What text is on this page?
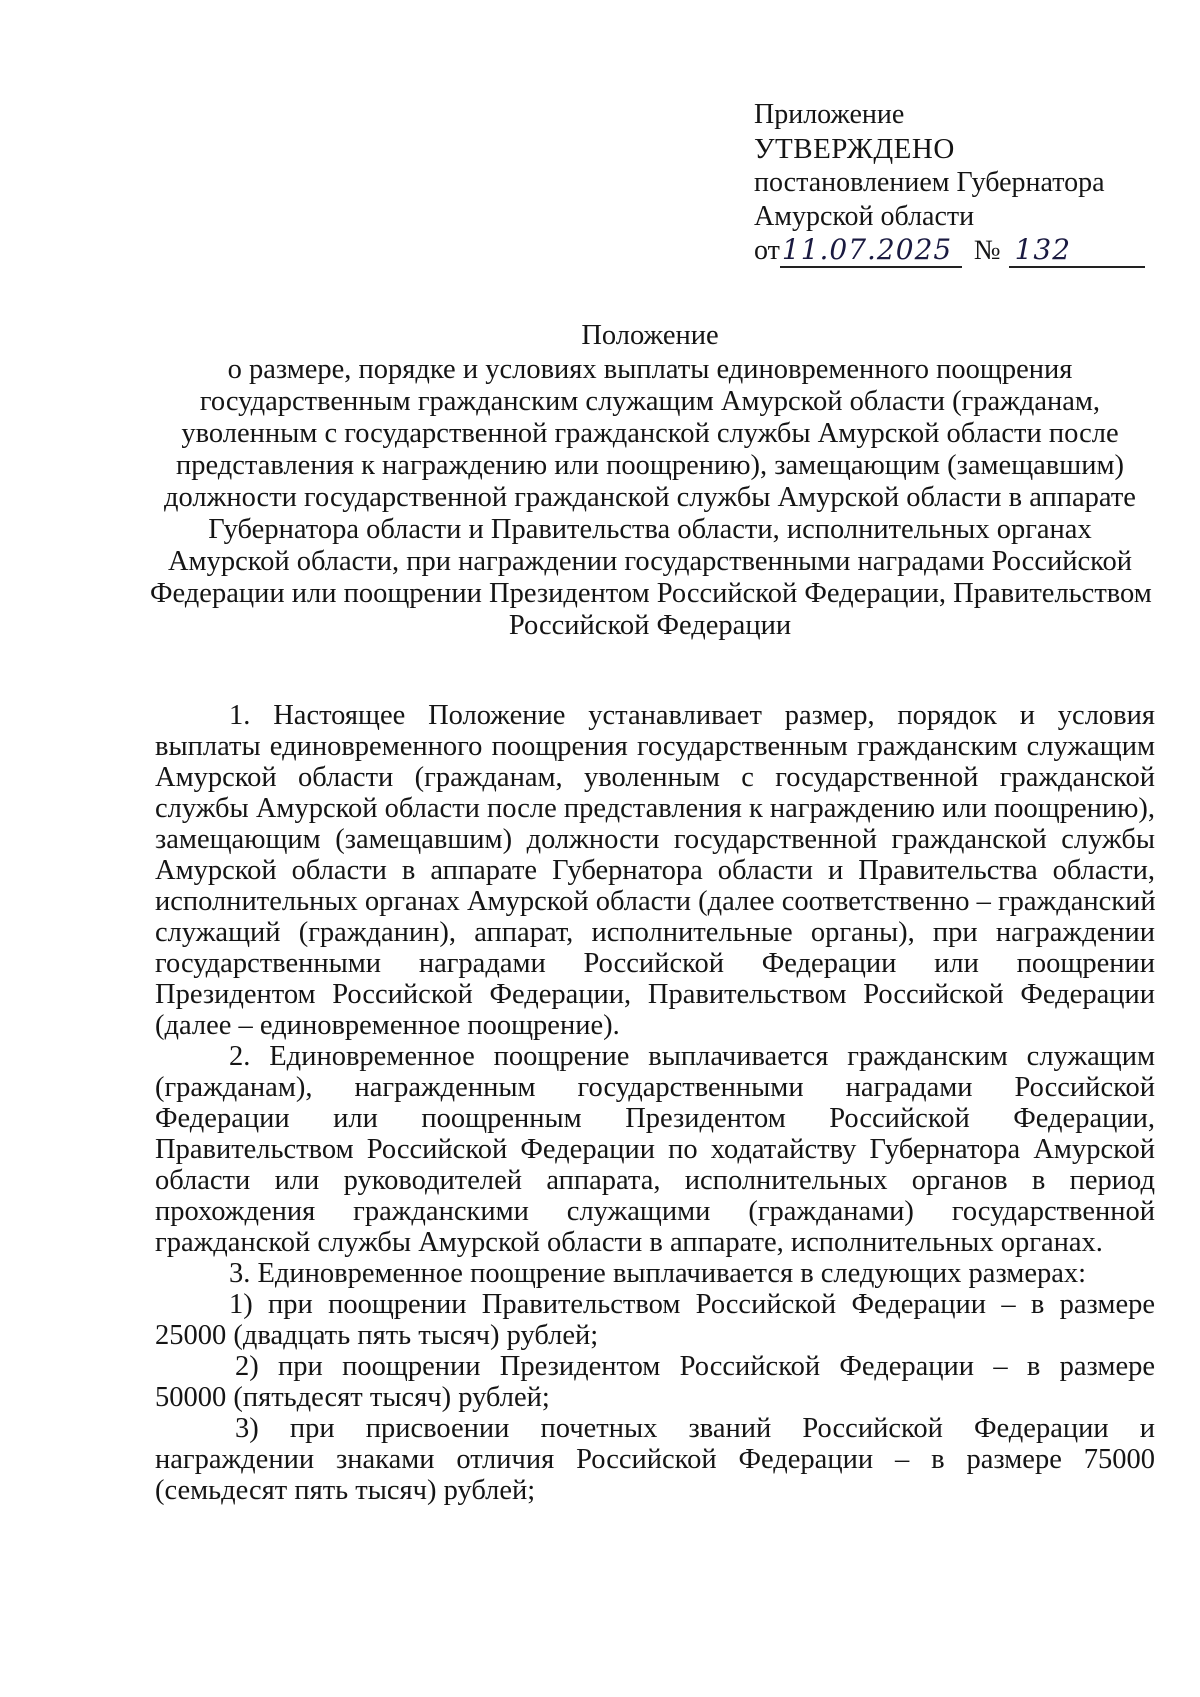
Приложение
УТВЕРЖДЕНО
постановлением Губернатора
Амурской области
от11.07.2025 № 132
Положение
о размере, порядке и условиях выплаты единовременного поощрения
государственным гражданским служащим Амурской области (гражданам,
уволенным с государственной гражданской службы Амурской области после
представления к награждению или поощрению), замещающим (замещавшим)
должности государственной гражданской службы Амурской области в аппарате
Губернатора области и Правительства области, исполнительных органах
Амурской области, при награждении государственными наградами Российской
Федерации или поощрении Президентом Российской Федерации, Правительством
Российской Федерации
1. Настоящее Положение устанавливает размер, порядок и условия
выплаты единовременного поощрения государственным гражданским служащим
Амурской области (гражданам, уволенным с государственной гражданской
службы Амурской области после представления к награждению или поощрению),
замещающим (замещавшим) должности государственной гражданской службы
Амурской области в аппарате Губернатора области и Правительства области,
исполнительных органах Амурской области (далее соответственно – гражданский
служащий (гражданин), аппарат, исполнительные органы), при награждении
государственными наградами Российской Федерации или поощрении
Президентом Российской Федерации, Правительством Российской Федерации
(далее – единовременное поощрение).
2. Единовременное поощрение выплачивается гражданским служащим
(гражданам), награжденным государственными наградами Российской
Федерации или поощренным Президентом Российской Федерации,
Правительством Российской Федерации по ходатайству Губернатора Амурской
области или руководителей аппарата, исполнительных органов в период
прохождения гражданскими служащими (гражданами) государственной
гражданской службы Амурской области в аппарате, исполнительных органах.
3. Единовременное поощрение выплачивается в следующих размерах:
1) при поощрении Правительством Российской Федерации – в размере
25000 (двадцать пять тысяч) рублей;
2) при поощрении Президентом Российской Федерации – в размере
50000 (пятьдесят тысяч) рублей;
3) при присвоении почетных званий Российской Федерации и
награждении знаками отличия Российской Федерации – в размере 75000
(семьдесят пять тысяч) рублей;
